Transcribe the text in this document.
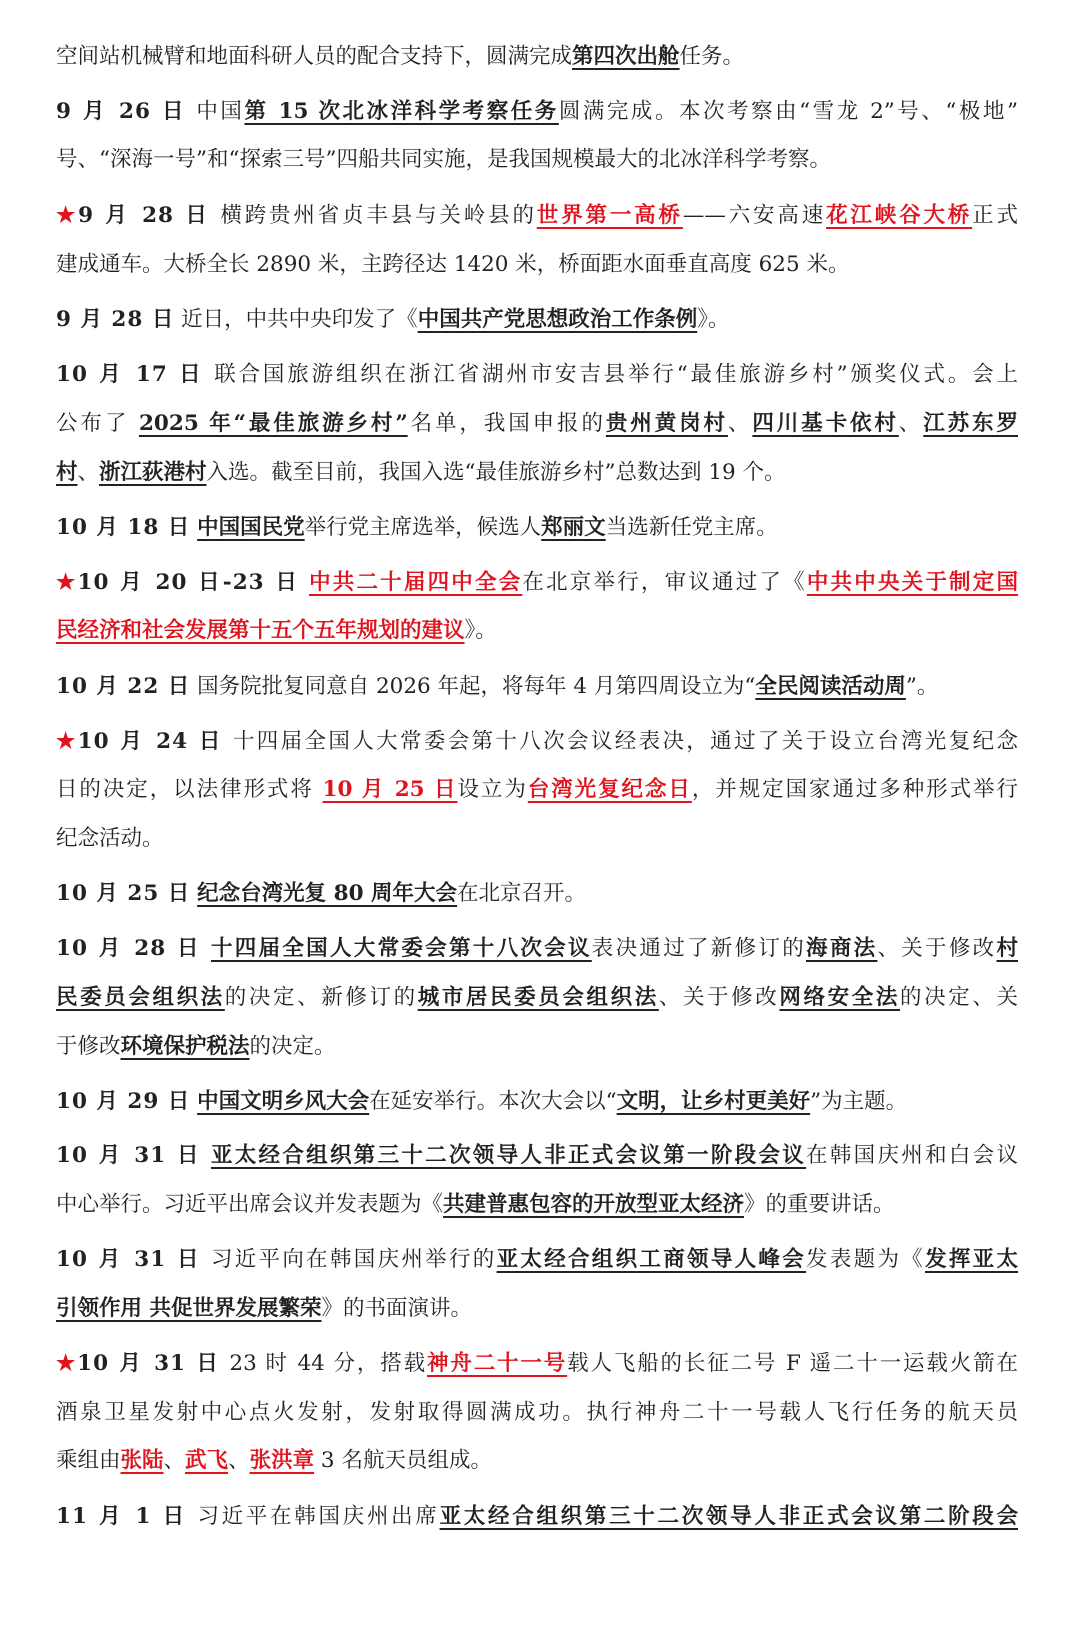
空间站机械臂和地面科研人员的配合支持下，圆满完成第四次出舱任务。
9 月 26 日 中国第 15 次北冰洋科学考察任务圆满完成。本次考察由“雪龙 2”号、“极地”
号、“深海一号”和“探索三号”四船共同实施，是我国规模最大的北冰洋科学考察。
★9 月 28 日 横跨贵州省贞丰县与关岭县的世界第一高桥——六安高速花江峡谷大桥正式
建成通车。大桥全长 2890 米，主跨径达 1420 米，桥面距水面垂直高度 625 米。
9 月 28 日 近日，中共中央印发了《中国共产党思想政治工作条例》。
10 月 17 日 联合国旅游组织在浙江省湖州市安吉县举行“最佳旅游乡村”颁奖仪式。会上
公布了 2025 年“最佳旅游乡村”名单，我国申报的贵州黄岗村、四川基卡依村、江苏东罗
村、浙江荻港村入选。截至目前，我国入选“最佳旅游乡村”总数达到 19 个。
10 月 18 日 中国国民党举行党主席选举，候选人郑丽文当选新任党主席。
★10 月 20 日-23 日 中共二十届四中全会在北京举行，审议通过了《中共中央关于制定国
民经济和社会发展第十五个五年规划的建议》。
10 月 22 日 国务院批复同意自 2026 年起，将每年 4 月第四周设立为“全民阅读活动周”。
★10 月 24 日 十四届全国人大常委会第十八次会议经表决，通过了关于设立台湾光复纪念
日的决定，以法律形式将 10 月 25 日设立为台湾光复纪念日，并规定国家通过多种形式举行
纪念活动。
10 月 25 日 纪念台湾光复 80 周年大会在北京召开。
10 月 28 日 十四届全国人大常委会第十八次会议表决通过了新修订的海商法、关于修改村
民委员会组织法的决定、新修订的城市居民委员会组织法、关于修改网络安全法的决定、关
于修改环境保护税法的决定。
10 月 29 日 中国文明乡风大会在延安举行。本次大会以“文明，让乡村更美好”为主题。
10 月 31 日 亚太经合组织第三十二次领导人非正式会议第一阶段会议在韩国庆州和白会议
中心举行。习近平出席会议并发表题为《共建普惠包容的开放型亚太经济》的重要讲话。
10 月 31 日 习近平向在韩国庆州举行的亚太经合组织工商领导人峰会发表题为《发挥亚太
引领作用 共促世界发展繁荣》的书面演讲。
★10 月 31 日 23 时 44 分，搭载神舟二十一号载人飞船的长征二号 F 遥二十一运载火箭在
酒泉卫星发射中心点火发射，发射取得圆满成功。执行神舟二十一号载人飞行任务的航天员
乘组由张陆、武飞、张洪章 3 名航天员组成。
11 月 1 日 习近平在韩国庆州出席亚太经合组织第三十二次领导人非正式会议第二阶段会
